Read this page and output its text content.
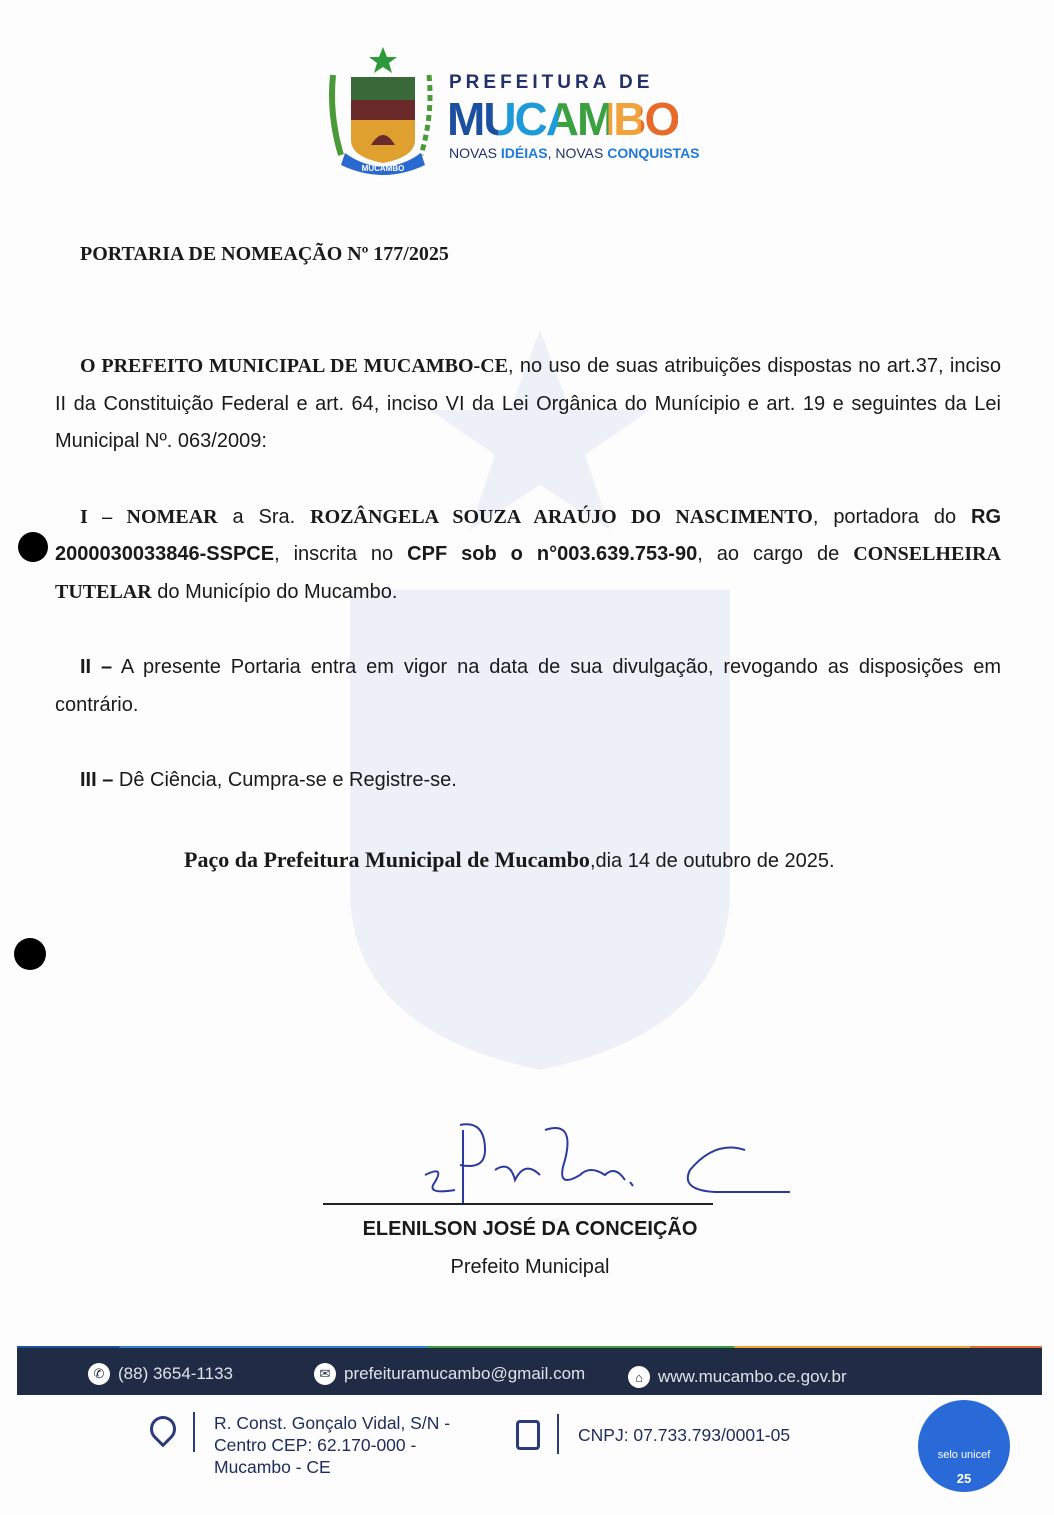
MUCAMBO
PREFEITURA DE
MUCAMBO
NOVAS IDÉIAS, NOVAS CONQUISTAS
PORTARIA DE NOMEAÇÃO Nº 177/2025
O PREFEITO MUNICIPAL DE MUCAMBO-CE, no uso de suas atribuições dispostas no art.37, inciso II da Constituição Federal e art. 64, inciso VI da Lei Orgânica do Munícipio e art. 19 e seguintes da Lei Municipal Nº. 063/2009:
I – NOMEAR a Sra. ROZÂNGELA SOUZA ARAÚJO DO NASCIMENTO, portadora do RG 2000030033846-SSPCE, inscrita no CPF sob o n°003.639.753-90, ao cargo de CONSELHEIRA TUTELAR do Município do Mucambo.
II – A presente Portaria entra em vigor na data de sua divulgação, revogando as disposições em contrário.
III – Dê Ciência, Cumpra-se e Registre-se.
Paço da Prefeitura Municipal de Mucambo,dia 14 de outubro de 2025.
ELENILSON JOSÉ DA CONCEIÇÃO
Prefeito Municipal
✆ (88) 3654-1133	✉ prefeituramucambo@gmail.com	⌂ www.mucambo.ce.gov.br
R. Const. Gonçalo Vidal, S/N -
Centro CEP: 62.170-000 -
Mucambo - CE
CNPJ: 07.733.793/0001-05
selo unicef
25
